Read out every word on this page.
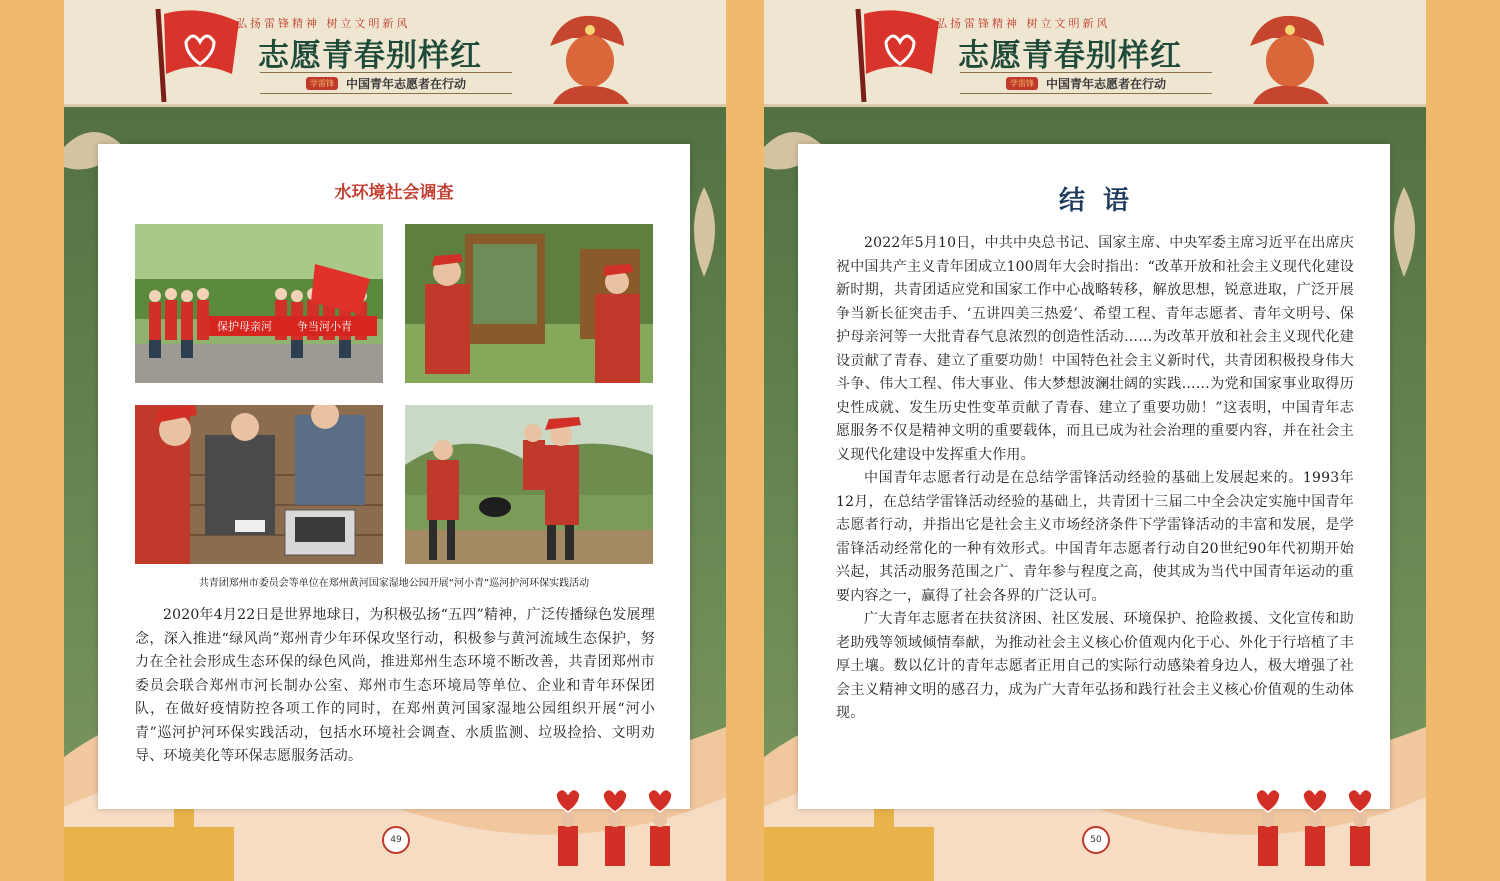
弘扬雷锋精神 树立文明新风
志愿青春别样红
学雷锋	中国青年志愿者在行动
水环境社会调查
保护母亲河 争当河小青
共青团郑州市委员会等单位在郑州黄河国家湿地公园开展“河小青”巡河护河环保实践活动

2020年4月22日是世界地球日，为积极弘扬“五四”精神，广泛传播绿色发展理念，深入推进“绿风尚”郑州青少年环保攻坚行动，积极参与黄河流域生态保护，努力在全社会形成生态环保的绿色风尚，推进郑州生态环境不断改善，共青团郑州市委员会联合郑州市河长制办公室、郑州市生态环境局等单位、企业和青年环保团队，在做好疫情防控各项工作的同时，在郑州黄河国家湿地公园组织开展“河小青”巡河护河环保实践活动，包括水环境社会调查、水质监测、垃圾捡拾、文明劝导、环境美化等环保志愿服务活动。

49
弘扬雷锋精神 树立文明新风
志愿青春别样红
学雷锋	中国青年志愿者在行动
结  语

2022年5月10日，中共中央总书记、国家主席、中央军委主席习近平在出席庆祝中国共产主义青年团成立100周年大会时指出：“改革开放和社会主义现代化建设新时期，共青团适应党和国家工作中心战略转移，解放思想，锐意进取，广泛开展争当新长征突击手、‘五讲四美三热爱’、希望工程、青年志愿者、青年文明号、保护母亲河等一大批青春气息浓烈的创造性活动……为改革开放和社会主义现代化建设贡献了青春、建立了重要功勋！中国特色社会主义新时代，共青团积极投身伟大斗争、伟大工程、伟大事业、伟大梦想波澜壮阔的实践……为党和国家事业取得历史性成就、发生历史性变革贡献了青春、建立了重要功勋！”这表明，中国青年志愿服务不仅是精神文明的重要载体，而且已成为社会治理的重要内容，并在社会主义现代化建设中发挥重大作用。

中国青年志愿者行动是在总结学雷锋活动经验的基础上发展起来的。1993年12月，在总结学雷锋活动经验的基础上，共青团十三届二中全会决定实施中国青年志愿者行动，并指出它是社会主义市场经济条件下学雷锋活动的丰富和发展，是学雷锋活动经常化的一种有效形式。中国青年志愿者行动自20世纪90年代初期开始兴起，其活动服务范围之广、青年参与程度之高，使其成为当代中国青年运动的重要内容之一，赢得了社会各界的广泛认可。

广大青年志愿者在扶贫济困、社区发展、环境保护、抢险救援、文化宣传和助老助残等领域倾情奉献，为推动社会主义核心价值观内化于心、外化于行培植了丰厚土壤。数以亿计的青年志愿者正用自己的实际行动感染着身边人，极大增强了社会主义精神文明的感召力，成为广大青年弘扬和践行社会主义核心价值观的生动体现。

50
